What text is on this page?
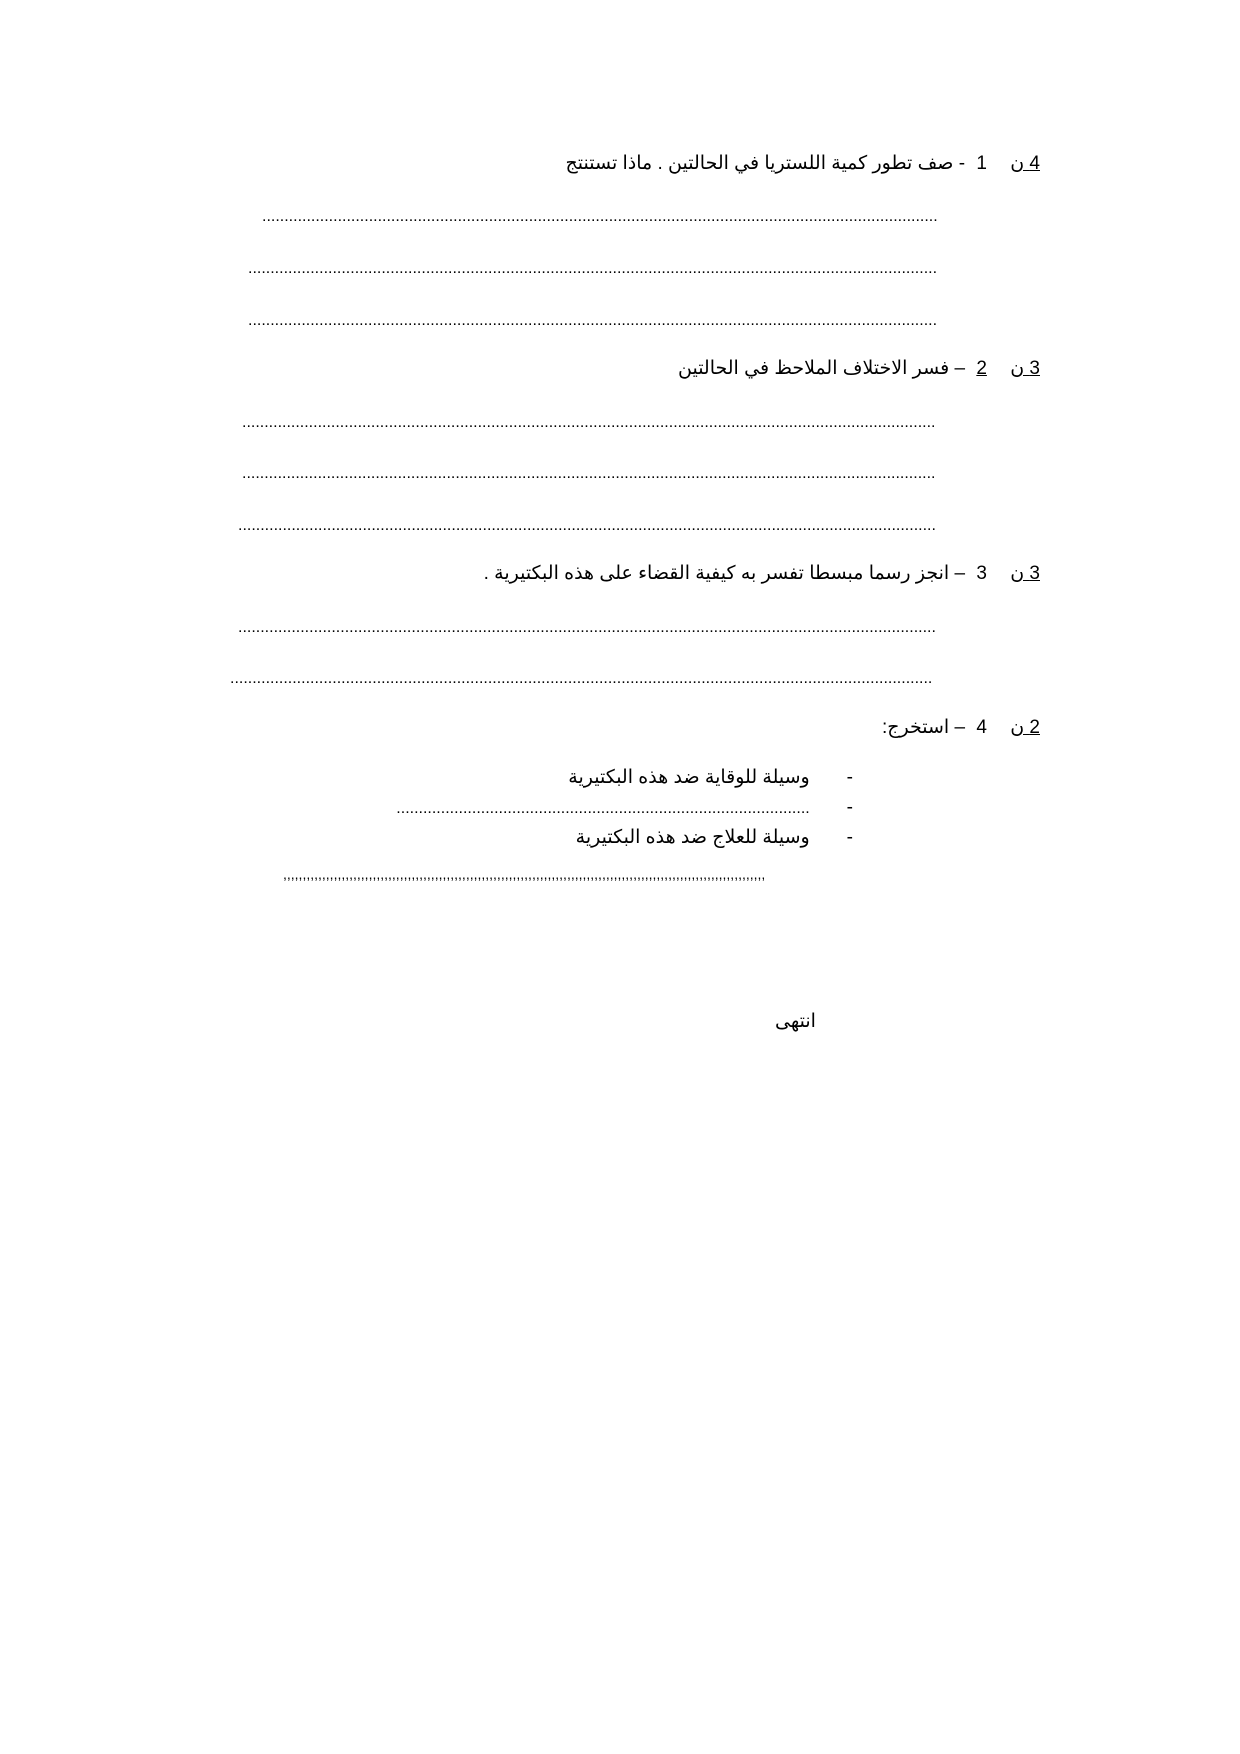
4 ن 1 - صف تطور كمية اللستريا في الحالتين . ماذا تستنتج
........................................................................................................................................................
...........................................................................................................................................................
...........................................................................................................................................................
3 ن 2 – فسر الاختلاف الملاحظ في الحالتين
............................................................................................................................................................
............................................................................................................................................................
.............................................................................................................................................................
3 ن 3 – انجز رسما مبسطا تفسر به كيفية القضاء على هذه البكتيرية .
.............................................................................................................................................................
..............................................................................................................................................................
2 ن 4 – استخرج:
- وسيلة للوقاية ضد هذه البكتيرية
- .............................................................................................
- وسيلة للعلاج ضد هذه البكتيرية
,,,,,,,,,,,,,,,,,,,,,,,,,,,,,,,,,,,,,,,,,,,,,,,,,,,,,,,,,,,,,,,,,,,,,,,,,,,,,,,,,,,,,,,,,,,,,,,,,,,,,,,,,,,,,,,,,,,,,,,,,,,,
انتهى
